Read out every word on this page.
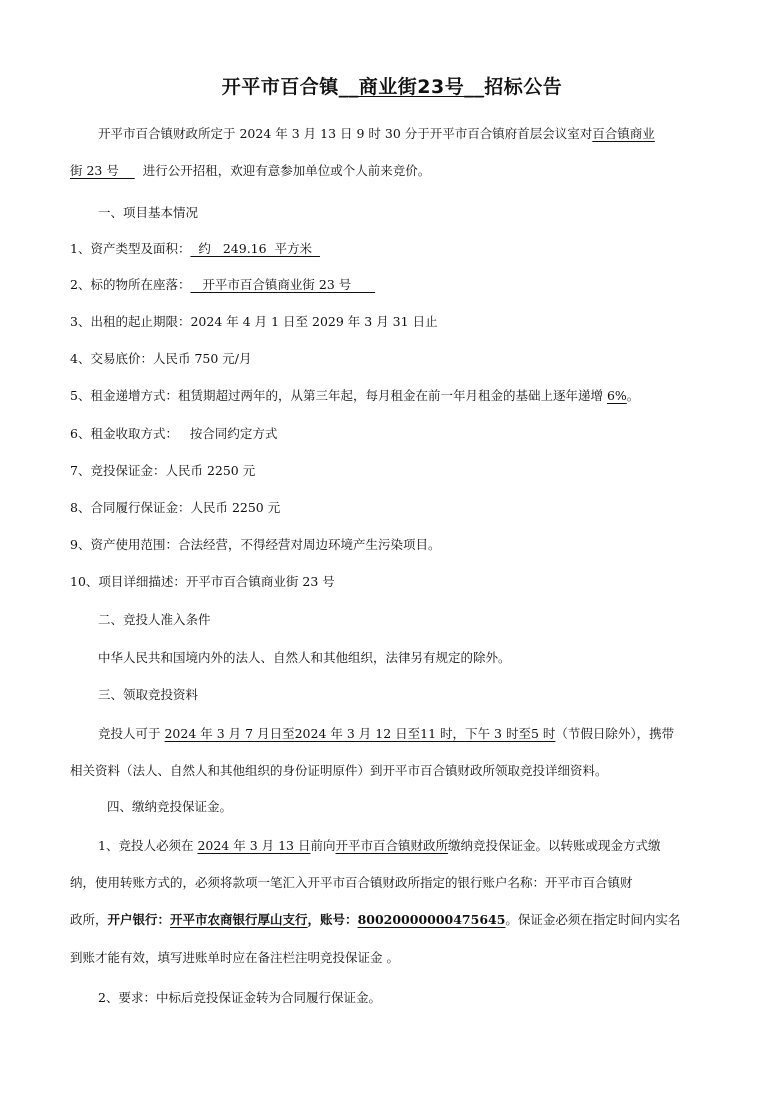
开平市百合镇__商业街23号__招标公告
开平市百合镇财政所定于 2024 年 3 月 13 日 9 时 30 分于开平市百合镇府首层会议室对百合镇商业
街 23 号      进行公开招租，欢迎有意参加单位或个人前来竞价。
一、项目基本情况
1、资产类型及面积：  约   249.16  平方米
2、标的物所在座落：   开平市百合镇商业街 23 号
3、出租的起止期限：2024 年 4 月 1 日至 2029 年 3 月 31 日止
4、交易底价：人民币 750 元/月
5、租金递增方式：租赁期超过两年的，从第三年起，每月租金在前一年月租金的基础上逐年递增 6%。
6、租金收取方式：   按合同约定方式
7、竞投保证金：人民币 2250 元
8、合同履行保证金：人民币 2250 元
9、资产使用范围：合法经营，不得经营对周边环境产生污染项目。
10、项目详细描述：开平市百合镇商业街 23 号
二、竞投人准入条件
中华人民共和国境内外的法人、自然人和其他组织，法律另有规定的除外。
三、领取竞投资料
竞投人可于 2024 年 3 月 7 月日至2024 年 3 月 12 日至11 时，下午 3 时至5 时（节假日除外），携带
相关资料（法人、自然人和其他组织的身份证明原件）到开平市百合镇财政所领取竞投详细资料。
四、缴纳竞投保证金。
1、竞投人必须在 2024 年 3 月 13 日前向开平市百合镇财政所缴纳竞投保证金。以转账或现金方式缴
纳，使用转账方式的，必须将款项一笔汇入开平市百合镇财政所指定的银行账户名称：开平市百合镇财
政所，开户银行：开平市农商银行厚山支行，账号：80020000000475645。保证金必须在指定时间内实名
到账才能有效，填写进账单时应在备注栏注明竞投保证金 。
2、要求：中标后竞投保证金转为合同履行保证金。
